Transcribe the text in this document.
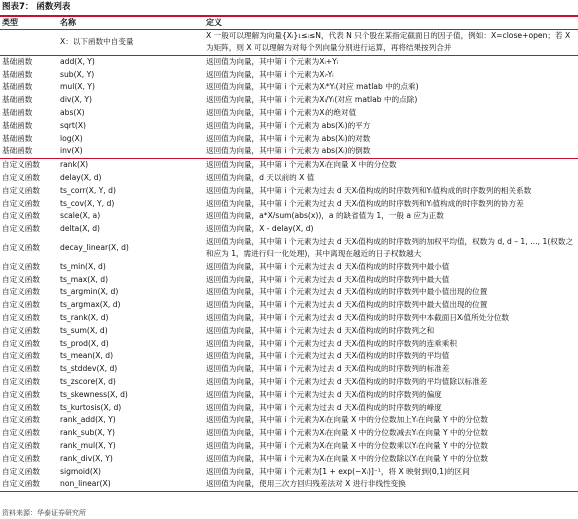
图表7： 函数列表
类型	名称	定义
	X：以下函数中自变量	X 一般可以理解为向量{Xᵢ}₁≤ᵢ≤N，代表 N 只个股在某指定截面日的因子值，例如：X=close+open；若 X 为矩阵，则 X 可以理解为对每个列向量分别进行运算，再将结果按列合并
基础函数	add(X, Y)	返回值为向量，其中第 i 个元素为Xᵢ+Yᵢ
基础函数	sub(X, Y)	返回值为向量，其中第 i 个元素为Xᵢ-Yᵢ
基础函数	mul(X, Y)	返回值为向量，其中第 i 个元素为Xᵢ*Yᵢ(对应 matlab 中的点乘)
基础函数	div(X, Y)	返回值为向量，其中第 i 个元素为Xᵢ/Yᵢ(对应 matlab 中的点除)
基础函数	abs(X)	返回值为向量，其中第 i 个元素为Xᵢ的绝对值
基础函数	sqrt(X)	返回值为向量，其中第 i 个元素为 abs(Xᵢ)的平方
基础函数	log(X)	返回值为向量，其中第 i 个元素为 abs(Xᵢ)的对数
基础函数	inv(X)	返回值为向量，其中第 i 个元素为 abs(Xᵢ)的倒数
自定义函数	rank(X)	返回值为向量，其中第 i 个元素为Xᵢ在向量 X 中的分位数
自定义函数	delay(X, d)	返回值为向量，d 天以前的 X 值
自定义函数	ts_corr(X, Y, d)	返回值为向量，其中第 i 个元素为过去 d 天Xᵢ值构成的时序数列和Yᵢ值构成的时序数列的相关系数
自定义函数	ts_cov(X, Y, d)	返回值为向量，其中第 i 个元素为过去 d 天Xᵢ值构成的时序数列和Yᵢ值构成的时序数列的协方差
自定义函数	scale(X, a)	返回值为向量，a*X/sum(abs(x))，a 的缺省值为 1，一般 a 应为正数
自定义函数	delta(X, d)	返回值为向量，X - delay(X, d)
自定义函数	decay_linear(X, d)	返回值为向量，其中第 i 个元素为过去 d 天Xᵢ值构成的时序数列的加权平均值，权数为 d, d – 1, …, 1(权数之和应为 1，需进行归一化处理)，其中离现在越近的日子权数越大
自定义函数	ts_min(X, d)	返回值为向量，其中第 i 个元素为过去 d 天Xᵢ值构成的时序数列中最小值
自定义函数	ts_max(X, d)	返回值为向量，其中第 i 个元素为过去 d 天Xᵢ值构成的时序数列中最大值
自定义函数	ts_argmin(X, d)	返回值为向量，其中第 i 个元素为过去 d 天Xᵢ值构成的时序数列中最小值出现的位置
自定义函数	ts_argmax(X, d)	返回值为向量，其中第 i 个元素为过去 d 天Xᵢ值构成的时序数列中最大值出现的位置
自定义函数	ts_rank(X, d)	返回值为向量，其中第 i 个元素为过去 d 天Xᵢ值构成的时序数列中本截面日Xᵢ值所处分位数
自定义函数	ts_sum(X, d)	返回值为向量，其中第 i 个元素为过去 d 天Xᵢ值构成的时序数列之和
自定义函数	ts_prod(X, d)	返回值为向量，其中第 i 个元素为过去 d 天Xᵢ值构成的时序数列的连乘乘积
自定义函数	ts_mean(X, d)	返回值为向量，其中第 i 个元素为过去 d 天Xᵢ值构成的时序数列的平均值
自定义函数	ts_stddev(X, d)	返回值为向量，其中第 i 个元素为过去 d 天Xᵢ值构成的时序数列的标准差
自定义函数	ts_zscore(X, d)	返回值为向量，其中第 i 个元素为过去 d 天Xᵢ值构成的时序数列的平均值除以标准差
自定义函数	ts_skewness(X, d)	返回值为向量，其中第 i 个元素为过去 d 天Xᵢ值构成的时序数列的偏度
自定义函数	ts_kurtosis(X, d)	返回值为向量，其中第 i 个元素为过去 d 天Xᵢ值构成的时序数列的峰度
自定义函数	rank_add(X, Y)	返回值为向量，其中第 i 个元素为Xᵢ在向量 X 中的分位数加上Yᵢ在向量 Y 中的分位数
自定义函数	rank_sub(X, Y)	返回值为向量，其中第 i 个元素为Xᵢ在向量 X 中的分位数减去Yᵢ在向量 Y 中的分位数
自定义函数	rank_mul(X, Y)	返回值为向量，其中第 i 个元素为Xᵢ在向量 X 中的分位数乘以Yᵢ在向量 Y 中的分位数
自定义函数	rank_div(X, Y)	返回值为向量，其中第 i 个元素为Xᵢ在向量 X 中的分位数除以Yᵢ在向量 Y 中的分位数
自定义函数	sigmoid(X)	返回值为向量，其中第 i 个元素为[1 + exp(−Xᵢ)]⁻¹，将 X 映射到(0,1)的区间
自定义函数	non_linear(X)	返回值为向量，使用三次方回归残差法对 X 进行非线性变换
资料来源：华泰证券研究所
